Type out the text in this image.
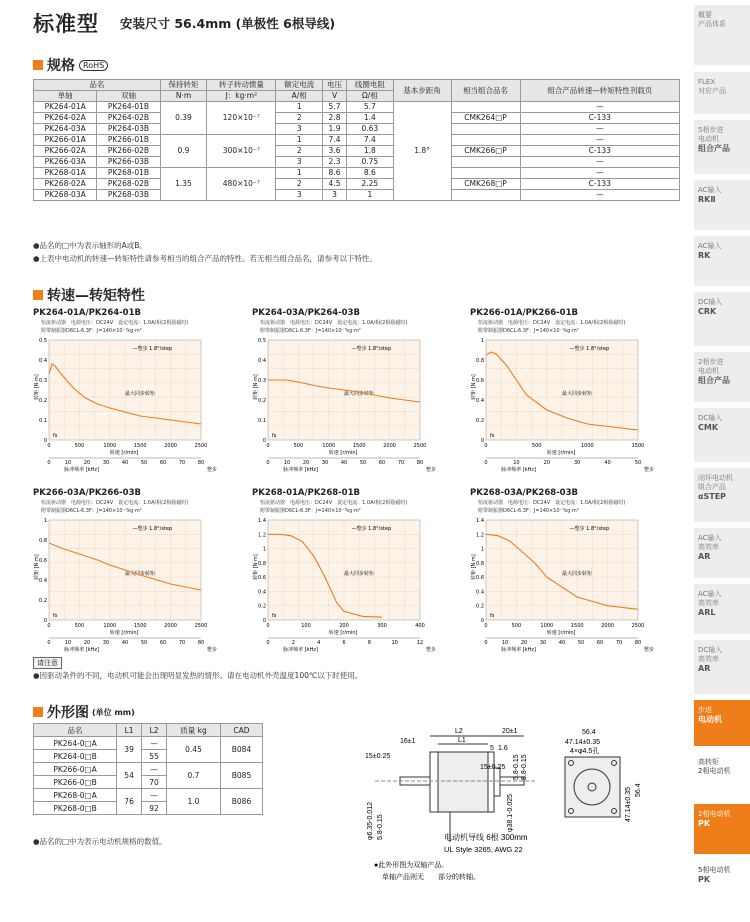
标准型 安装尺寸 56.4mm (单极性 6根导线)
规格	RoHS
品名		保持转矩	转子转动惯量	额定电流	电压	线圈电阻	基本步距角	相当组合品名	组合产品转速—转矩特性刊载页
单轴	双轴	N·m	J：kg·m²	A/相	V	Ω/相			
PK264-01A	PK264-01B	0.39	120×10⁻⁷	1	5.7	5.7	1.8°		—
PK264-02A	PK264-02B			2	2.8	1.4		CMK264□P	C-133
PK264-03A	PK264-03B			3	1.9	0.63			—
PK266-01A	PK266-01B	0.9	300×10⁻⁷	1	7.4	7.4			—
PK266-02A	PK266-02B			2	3.6	1.8		CMK266□P	C-133
PK266-03A	PK266-03B			3	2.3	0.75			—
PK268-01A	PK268-01B	1.35	480×10⁻⁷	1	8.6	8.6			—
PK268-02A	PK268-02B			2	4.5	2.25		CMK268□P	C-133
PK268-03A	PK268-03B			3	3	1			—
●品名的□中为表示轴形的A或B。
●上表中电动机的转速—转矩特性请参考相当的组合产品的特性。若无相当组合品名，请参考以下特性。
转速—转矩特性
PK264-01A/PK264-01B
恒流驱动器　电源电压：DC24V　设定电流：1.0A/相(2相励磁时)
附带制振器D6CL-6.3F：J=140×10⁻⁷kg·m²
0
0.1
0.2
0.3
0.4
0.5
0	500	1000	1500	2000	2500
0	10	20	30	40	50	60	70	80
转速 [r/min]
脉冲频率 [kHz]	整步
转矩 [N·m]
—整步 1.8°/step
最大同步转矩
fs
PK264-03A/PK264-03B
恒流驱动器　电源电压：DC24V　设定电流：1.0A/相(2相励磁时)
附带制振器D6CL-6.3F：J=140×10⁻⁷kg·m²
0
0.1
0.2
0.3
0.4
0.5
0	500	1000	1500	2000	2500
0	10	20	30	40	50	60	70	80
转速 [r/min]
脉冲频率 [kHz]	整步
转矩 [N·m]
—整步 1.8°/step
最大同步转矩
fs
PK266-01A/PK266-01B
恒流驱动器　电源电压：DC24V　设定电流：1.0A/相(2相励磁时)
附带制振器D6CL-6.3F：J=140×10⁻⁷kg·m²
0
0.2
0.4
0.6
0.8
1
0	500	1000	1500
0	10	20	30	40	50
转速 [r/min]
脉冲频率 [kHz]	整步
转矩 [N·m]
—整步 1.8°/step
最大同步转矩
fs
PK266-03A/PK266-03B
恒流驱动器　电源电压：DC24V　设定电流：1.0A/相(2相励磁时)
附带制振器D6CL-6.3F：J=140×10⁻⁷kg·m²
0
0.2
0.4
0.6
0.8
1
0	500	1000	1500	2000	2500
0	10	20	30	40	50	60	70	80
转速 [r/min]
脉冲频率 [kHz]	整步
转矩 [N·m]
—整步 1.8°/step
最大同步转矩
fs
PK268-01A/PK268-01B
恒流驱动器　电源电压：DC24V　设定电流：1.0A/相(2相励磁时)
附带制振器D6CL-6.3F：J=140×10⁻⁷kg·m²
0
0.2
0.4
0.6
0.8
1
1.2
1.4
0	100	200	300	400
0	2	4	6	8	10	12
转速 [r/min]
脉冲频率 [kHz]	整步
转矩 [N·m]
—整步 1.8°/step
最大同步转矩
fs
PK268-03A/PK268-03B
恒流驱动器　电源电压：DC24V　设定电流：1.0A/相(2相励磁时)
附带制振器D6CL-6.3F：J=140×10⁻⁷kg·m²
0
0.2
0.4
0.6
0.8
1
1.2
1.4
0	500	1000	1500	2000	2500
0	10	20	30	40	50	60	70	80
转速 [r/min]
脉冲频率 [kHz]	整步
转矩 [N·m]
—整步 1.8°/step
最大同步转矩
fs
请注意
●因驱动条件的不同，电动机可能会出现明显发热的情形。请在电动机外壳温度100℃以下时使用。
外形图 (单位 mm)
品名	L1	L2	质量 kg	CAD
PK264-0□A	39	—	0.45	B084
PK264-0□B		55		
PK266-0□A	54	—	0.7	B085
PK266-0□B		70		
PK268-0□A	76	—	1.0	B086
PK268-0□B		92		
●品名的□中为表示电动机规格的数值。
L2
L1
20±1
16±1
5 1.6
15±0.25
15±0.25 5.8-0.15
5.8-0.15
φ38.1-0.025
φ6.35-0.012 5.8-0.15	电动机导线 6根 300mm
UL Style 3265, AWG 22
56.4
47.14±0.35
4×φ4.5孔
47.14±0.35 56.4
●此外形图为双轴产品。
单轴产品则无　　部分的转轴。
概要
产品体系
FLEX
对应产品
5相步进
电动机
组合产品
AC输入
RKⅡ
AC输入
RK
DC输入
CRK
2相步进
电动机
组合产品
DC输入
CMK
闭环电动机
组合产品
αSTEP
AC输入
高效率
AR
AC输入
高效率
ARL
DC输入
高效率
AR
步进
电动机
高转矩
2相电动机
PKP
2相电动机
PK
5相电动机
PK
